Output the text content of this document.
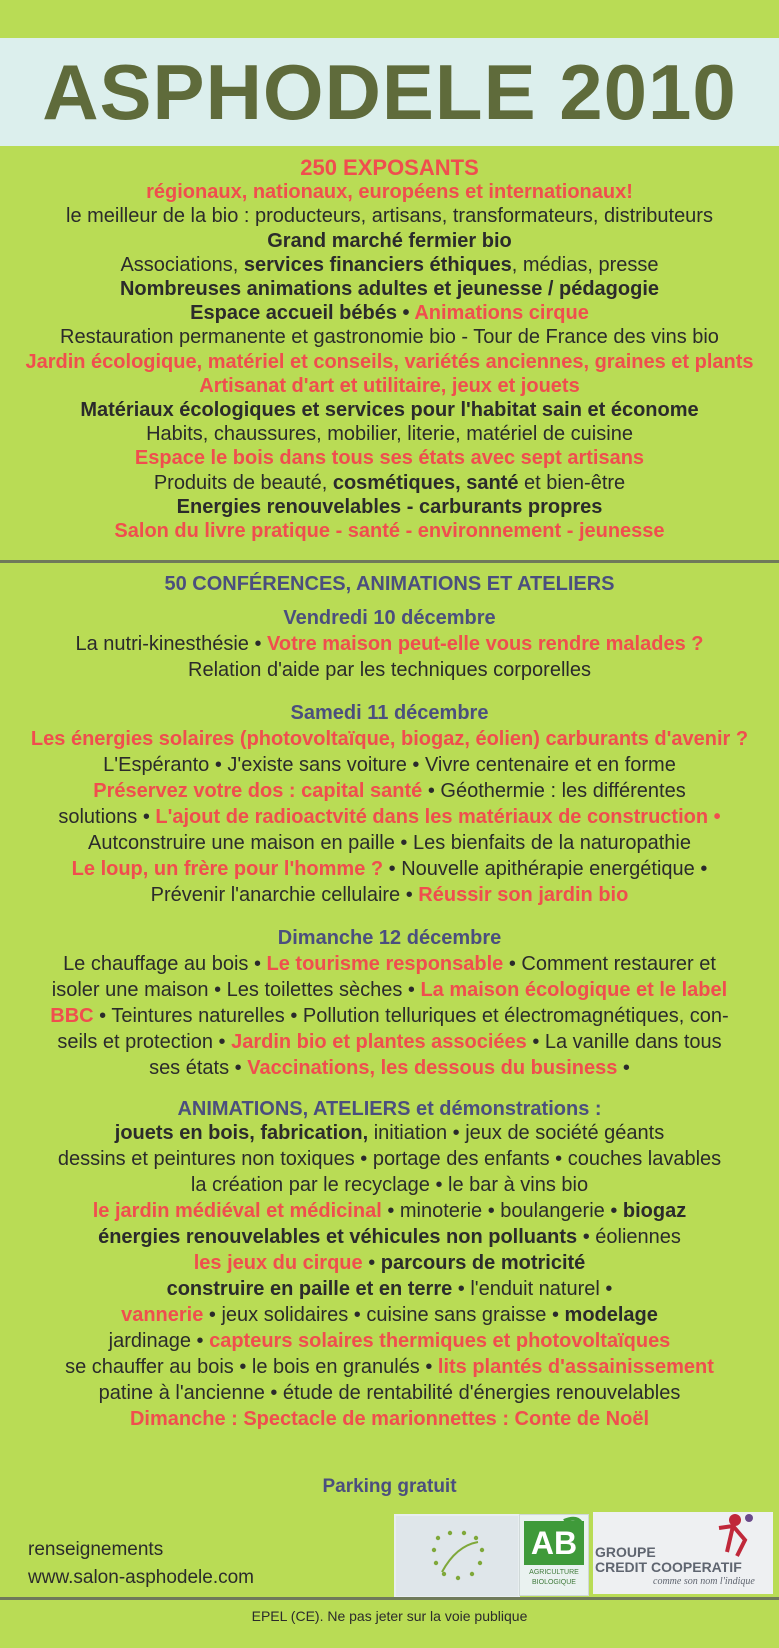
ASPHODELE 2010
250 EXPOSANTS
régionaux, nationaux, européens et internationaux!
le meilleur de la bio : producteurs, artisans, transformateurs, distributeurs
Grand marché fermier bio
Associations, services financiers éthiques, médias, presse
Nombreuses animations adultes et jeunesse / pédagogie
Espace accueil bébés • Animations cirque
Restauration permanente et gastronomie bio - Tour de France des vins bio
Jardin écologique, matériel et conseils, variétés anciennes, graines et plants
Artisanat d'art et utilitaire, jeux et jouets
Matériaux écologiques et services pour l'habitat sain et économe
Habits, chaussures, mobilier, literie, matériel de cuisine
Espace le bois dans tous ses états avec sept artisans
Produits de beauté, cosmétiques, santé et bien-être
Energies renouvelables - carburants propres
Salon du livre pratique - santé - environnement - jeunesse
50 CONFÉRENCES, ANIMATIONS ET ATELIERS
Vendredi 10 décembre
La nutri-kinesthésie • Votre maison peut-elle vous rendre malades ?
Relation d'aide par les techniques corporelles
Samedi 11 décembre
Les énergies solaires (photovoltaïque, biogaz, éolien) carburants d'avenir ?
L'Espéranto • J'existe sans voiture • Vivre centenaire et en forme
Préservez votre dos : capital santé • Géothermie : les différentes
solutions • L'ajout de radioactvité dans les matériaux de construction •
Autconstruire une maison en paille • Les bienfaits de la naturopathie
Le loup, un frère pour l'homme ? • Nouvelle apithérapie energétique •
Prévenir l'anarchie cellulaire • Réussir son jardin bio
Dimanche 12 décembre
Le chauffage au bois • Le tourisme responsable • Comment restaurer et
isoler une maison • Les toilettes sèches • La maison écologique et le label
BBC • Teintures naturelles • Pollution telluriques et électromagnétiques, con-
seils et protection • Jardin bio et plantes associées • La vanille dans tous
ses états • Vaccinations, les dessous du business •
ANIMATIONS, ATELIERS et démonstrations :
jouets en bois, fabrication, initiation • jeux de société géants
dessins et peintures non toxiques • portage des enfants • couches lavables
la création par le recyclage • le bar à vins bio
le jardin médiéval et médicinal • minoterie • boulangerie • biogaz
énergies renouvelables et véhicules non polluants • éoliennes
les jeux du cirque • parcours de motricité
construire en paille et en terre • l'enduit naturel •
vannerie • jeux solidaires • cuisine sans graisse • modelage
jardinage • capteurs solaires thermiques et photovoltaïques
se chauffer au bois • le bois en granulés • lits plantés d'assainissement
patine à l'ancienne • étude de rentabilité d'énergies renouvelables
Dimanche : Spectacle de marionnettes : Conte de Noël
Parking gratuit
renseignements
www.salon-asphodele.com
AB
AGRICULTURE
BIOLOGIQUE
GROUPE
CREDIT COOPERATIF
comme son nom l'indique
EPEL (CE). Ne pas jeter sur la voie publique
